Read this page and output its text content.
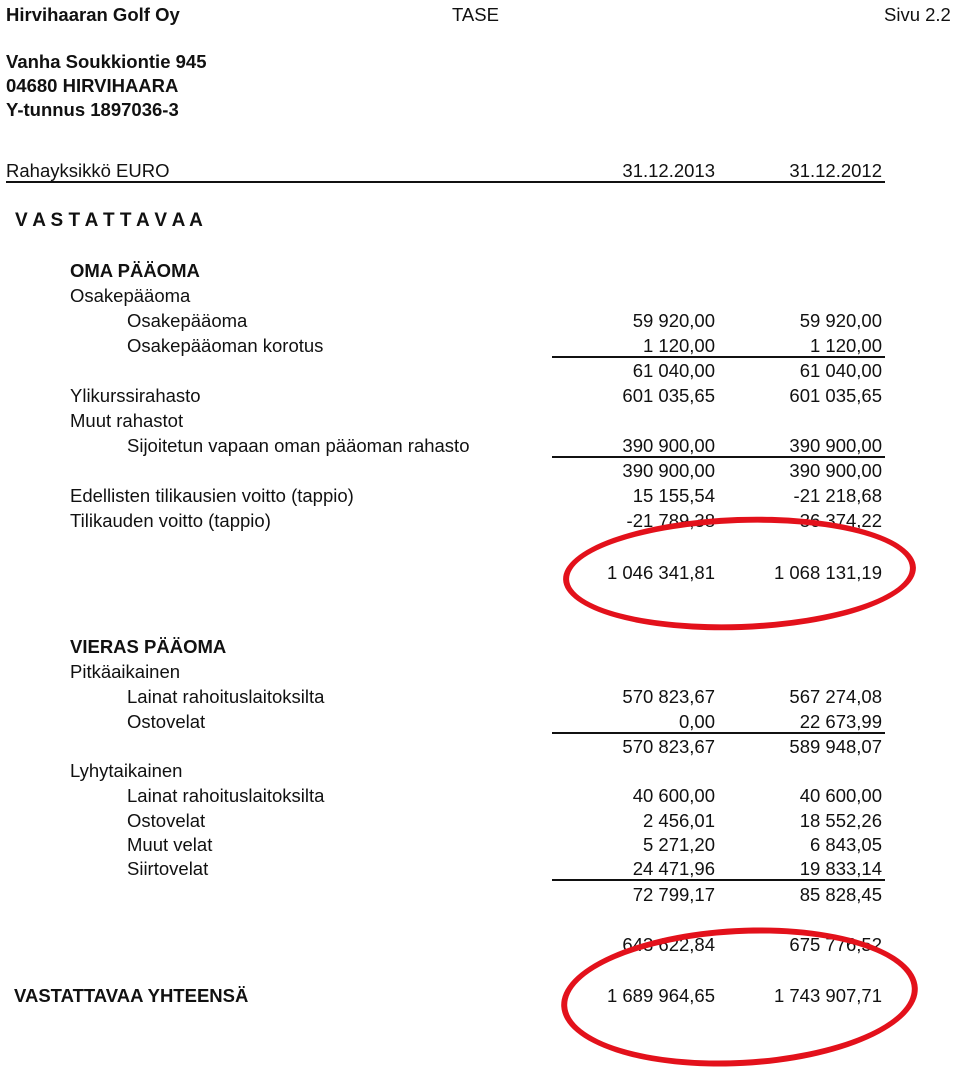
Hirvihaaran Golf Oy	TASE	Sivu 2.2
Vanha Soukkiontie 945
04680 HIRVIHAARA
Y-tunnus 1897036-3
Rahayksikkö EURO	31.12.2013	31.12.2012
V A S T A T T A V A A
OMA PÄÄOMA
Osakepääoma
Osakepääoma	59 920,00	59 920,00
Osakepääoman korotus	1 120,00	1 120,00
61 040,00	61 040,00
Ylikurssirahasto	601 035,65	601 035,65
Muut rahastot
Sijoitetun vapaan oman pääoman rahasto	390 900,00	390 900,00
390 900,00	390 900,00
Edellisten tilikausien voitto (tappio)	15 155,54	-21 218,68
Tilikauden voitto (tappio)	-21 789,38	36 374,22
1 046 341,81	1 068 131,19
VIERAS PÄÄOMA
Pitkäaikainen
Lainat rahoituslaitoksilta	570 823,67	567 274,08
Ostovelat	0,00	22 673,99
570 823,67	589 948,07
Lyhytaikainen
Lainat rahoituslaitoksilta	40 600,00	40 600,00
Ostovelat	2 456,01	18 552,26
Muut velat	5 271,20	6 843,05
Siirtovelat	24 471,96	19 833,14
72 799,17	85 828,45
643 622,84	675 776,52
VASTATTAVAA YHTEENSÄ	1 689 964,65	1 743 907,71
